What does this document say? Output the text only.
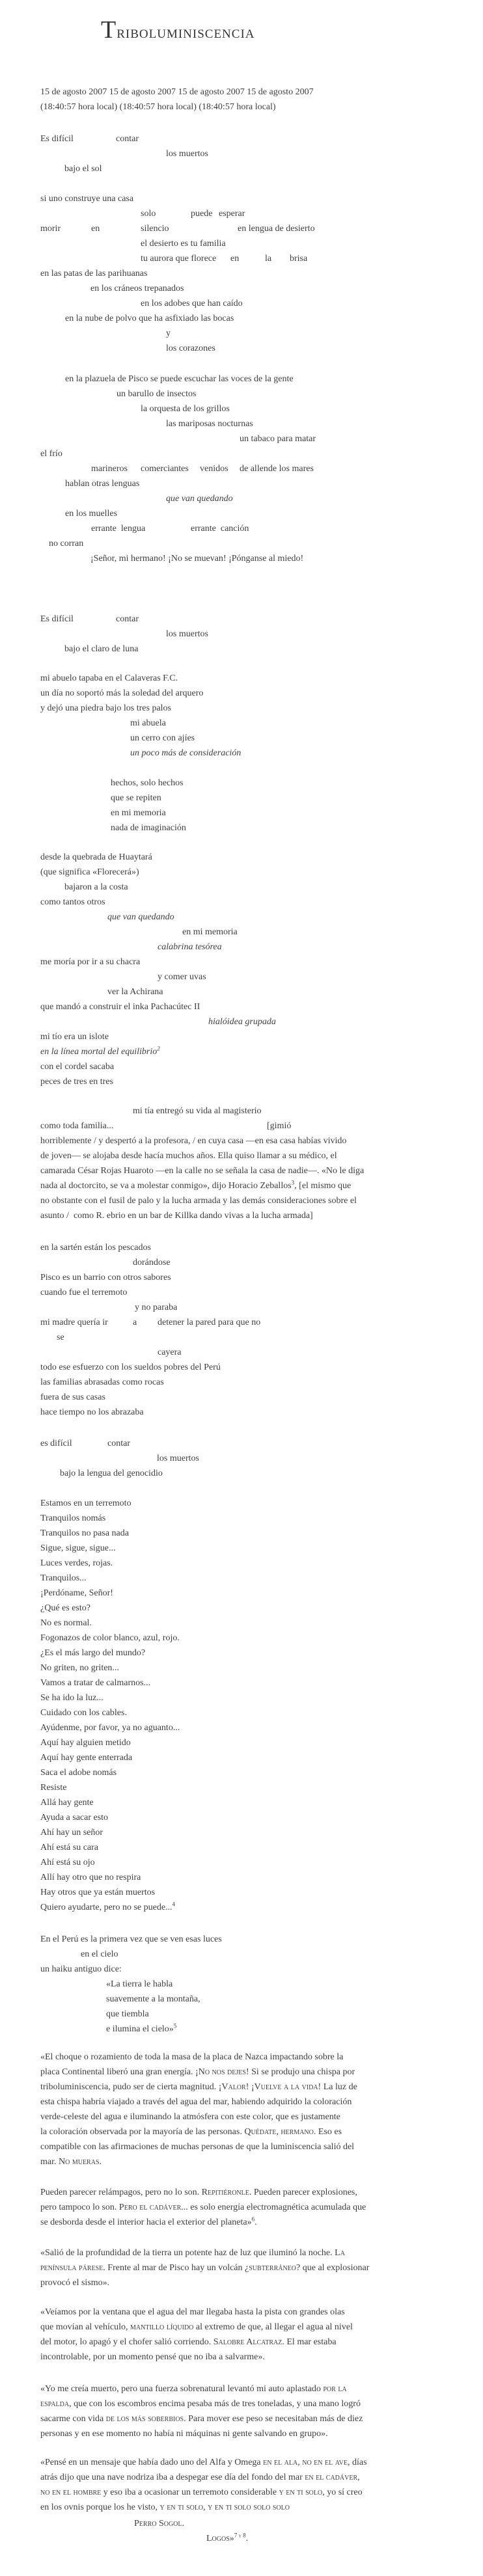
Triboluminiscencia
15 de agosto 2007 15 de agosto 2007 15 de agosto 2007 15 de agosto 2007
(18:40:57 hora local) (18:40:57 hora local) (18:40:57 hora local)
Es difícil	contar
los muertos
bajo el sol
si uno construye una casa
solo	puede esperar
morir	en	silencio	en lengua de desierto
el desierto es tu familia
tu aurora que florece en	la brisa
en las patas de las parihuanas
en los cráneos trepanados
en los adobes que han caído
en la nube de polvo que ha asfixiado las bocas
y
los corazones
en la plazuela de Pisco se puede escuchar las voces de la gente
un barullo de insectos
la orquesta de los grillos
las mariposas nocturnas
un tabaco para matar
el frío
marineros comerciantes venidos de allende los mares
hablan otras lenguas
que van quedando
en los muelles
errante  lengua	errante  canción
no corran
¡Señor, mi hermano! ¡No se muevan! ¡Pónganse al miedo!
Es difícil	contar
los muertos
bajo el claro de luna
mi abuelo tapaba en el Calaveras F.C.
un día no soportó más la soledad del arquero
y dejó una piedra bajo los tres palos
mi abuela
un cerro con ajíes
un poco más de consideración
hechos, solo hechos
que se repiten
en mi memoria
nada de imaginación
desde la quebrada de Huaytará
(que significa «Florecerá»)
bajaron a la costa
como tantos otros
que van quedando
en mi memoria
calabrina tesórea
me moría por ir a su chacra
y comer uvas
ver la Achirana
que mandó a construir el inka Pachacútec II
hialóidea grupada
mi tío era un islote
en la línea mortal del equilibrio$^2$
con el cordel sacaba
peces de tres en tres
mi tía entregó su vida al magisterio
como toda familia...	[gimió
horriblemente / y despertó a la profesora, / en cuya casa —en esa casa habías vivido
de joven— se alojaba desde hacía muchos años. Ella quiso llamar a su médico, el
camarada César Rojas Huaroto —en la calle no se señala la casa de nadie—. «No le diga
nada al doctorcito, se va a molestar conmigo», dijo Horacio Zeballos$^3$, [el mismo que
no obstante con el fusil de palo y la lucha armada y las demás consideraciones sobre el
asunto /  como R. ebrio en un bar de Killka dando vivas a la lucha armada]
en la sartén están los pescados
dorándose
Pisco es un barrio con otros sabores
cuando fue el terremoto
y no paraba
mi madre quería ir	a detener la pared para que no
se
cayera
todo ese esfuerzo con los sueldos pobres del Perú
las familias abrasadas como rocas
fuera de sus casas
hace tiempo no los abrazaba
es difícil	contar
los muertos
bajo la lengua del genocidio
Estamos en un terremoto
Tranquilos nomás
Tranquilos no pasa nada
Sigue, sigue, sigue...
Luces verdes, rojas.
Tranquilos...
¡Perdóname, Señor!
¿Qué es esto?
No es normal.
Fogonazos de color blanco, azul, rojo.
¿Es el más largo del mundo?
No griten, no griten...
Vamos a tratar de calmarnos...
Se ha ido la luz...
Cuidado con los cables.
Ayúdenme, por favor, ya no aguanto...
Aquí hay alguien metido
Aquí hay gente enterrada
Saca el adobe nomás
Resiste
Allá hay gente
Ayuda a sacar esto
Ahí hay un señor
Ahí está su cara
Ahí está su ojo
Allí hay otro que no respira
Hay otros que ya están muertos
Quiero ayudarte, pero no se puede...$^4$
En el Perú es la primera vez que se ven esas luces
en el cielo
un haiku antiguo dice:
«La tierra le habla
suavemente a la montaña,
que tiembla
e ilumina el cielo»$^5$
«El choque o rozamiento de toda la masa de la placa de Nazca impactando sobre la
placa Continental liberó una gran energía. ¡No nos dejes! Si se produjo una chispa por
triboluminiscencia, pudo ser de cierta magnitud. ¡Valor! ¡Vuelve a la vida! La luz de
esta chispa habría viajado a través del agua del mar, habiendo adquirido la coloración
verde-celeste del agua e iluminando la atmósfera con este color, que es justamente
la coloración observada por la mayoría de las personas. Quédate, hermano. Eso es
compatible con las afirmaciones de muchas personas de que la luminiscencia salió del
mar. No mueras.
Pueden parecer relámpagos, pero no lo son. Repitiéronle. Pueden parecer explosiones,
pero tampoco lo son. Pero el cadáver... es solo energía electromagnética acumulada que
se desborda desde el interior hacia el exterior del planeta»$^6$.
«Salió de la profundidad de la tierra un potente haz de luz que iluminó la noche. La
península párese. Frente al mar de Pisco hay un volcán ¿subterráneo? que al explosionar
provocó el sismo».
«Veíamos por la ventana que el agua del mar llegaba hasta la pista con grandes olas
que movían al vehículo, mantillo líquido al extremo de que, al llegar el agua al nivel
del motor, lo apagó y el chofer salió corriendo. Salobre Alcatraz. El mar estaba
incontrolable, por un momento pensé que no iba a salvarme».
«Yo me creía muerto, pero una fuerza sobrenatural levantó mi auto aplastado por la
espalda, que con los escombros encima pesaba más de tres toneladas, y una mano logró
sacarme con vida de los más soberbios. Para mover ese peso se necesitaban más de diez
personas y en ese momento no había ni máquinas ni gente salvando en grupo».
«Pensé en un mensaje que había dado uno del Alfa y Omega en el ala, no en el ave, días
atrás dijo que una nave nodriza iba a despegar ese día del fondo del mar en el cadáver,
no en el hombre y eso iba a ocasionar un terremoto considerable y en ti solo, yo sí creo
en los ovnis porque los he visto, y en ti solo, y en ti solo solo solo
Perro Sogol.
Logos»$^{7 y 8}$.
